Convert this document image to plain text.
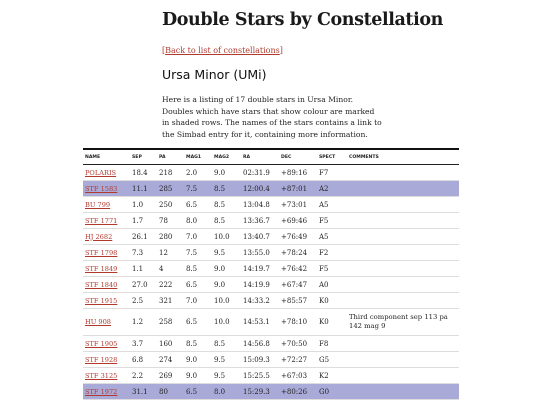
Double Stars by Constellation
[Back to list of constellations]
Ursa Minor (UMi)

Here is a listing of 17 double stars in Ursa Minor. Doubles which have stars that show colour are marked in shaded rows. The names of the stars contains a link to the Simbad entry for it, containing more information.

NAME	SEP	PA	MAG1	MAG2	RA	DEC	SPECT	COMMENTS
POLARIS	18.4	218	2.0	9.0	02:31.9	+89:16	F7	
STF 1583	11.1	285	7.5	8.5	12:00.4	+87:01	A2	
BU 799	1.0	250	6.5	8.5	13:04.8	+73:01	A5	
STF 1771	1.7	78	8.0	8.5	13:36.7	+69:46	F5	
HJ 2682	26.1	280	7.0	10.0	13:40.7	+76:49	A5	
STF 1798	7.3	12	7.5	9.5	13:55.0	+78:24	F2	
STF 1849	1.1	4	8.5	9.0	14:19.7	+76:42	F5	
STF 1840	27.0	222	6.5	9.0	14:19.9	+67:47	A0	
STF 1915	2.5	321	7.0	10.0	14:33.2	+85:57	K0	
HU 908	1.2	258	6.5	10.0	14:53.1	+78:10	K0	Third component sep 113 pa 142 mag 9
STF 1905	3.7	160	8.5	8.5	14:56.8	+70:50	F8	
STF 1928	6.8	274	9.0	9.5	15:09.3	+72:27	G5	
STF 3125	2.2	269	9.0	9.5	15:25.5	+67:03	K2	
STF 1972	31.1	80	6.5	8.0	15:29.3	+80:26	G0	
